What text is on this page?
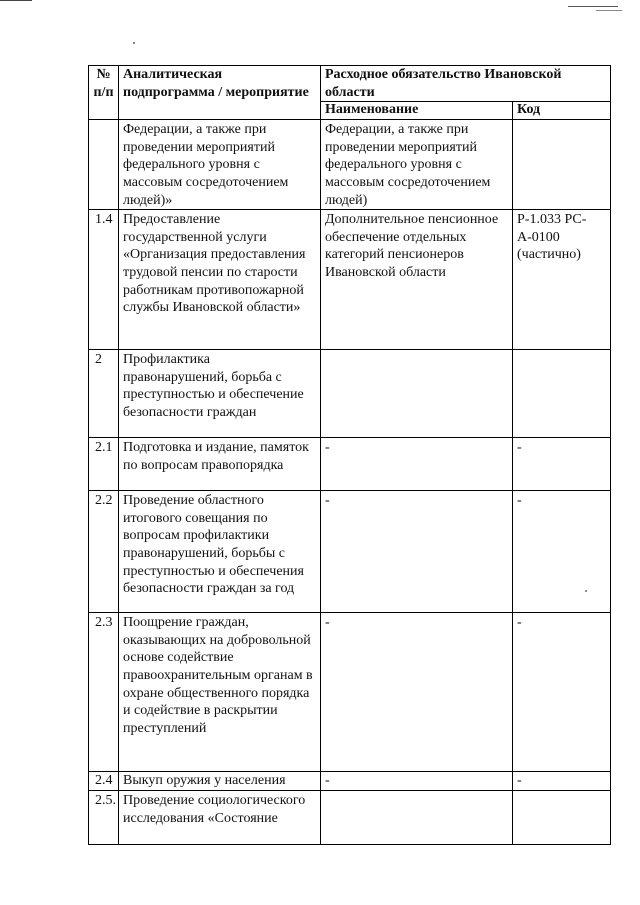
№ п/п	Аналитическая подпрограмма / мероприятие	Расходное обязательство Ивановской области	
		Наименование	Код
	Федерации, а также при проведении мероприятий федерального уровня с массовым сосредоточением людей)»	Федерации, а также при проведении мероприятий федерального уровня с массовым сосредоточением людей)	
1.4	Предоставление государственной услуги «Организация предоставления трудовой пенсии по старости работникам противопожарной службы Ивановской области»	Дополнительное пенсионное обеспечение отдельных категорий пенсионеров Ивановской области	Р-1.033 РС-А-0100 (частично)
2	Профилактика правонарушений, борьба с преступностью и обеспечение безопасности граждан		
2.1	Подготовка и издание, памяток по вопросам правопорядка	-	-
2.2	Проведение областного итогового совещания по вопросам профилактики правонарушений, борьбы с преступностью и обеспечения безопасности граждан за год	-	-
2.3	Поощрение граждан, оказывающих на добровольной основе содействие правоохранительным органам в охране общественного порядка и содействие в раскрытии преступлений	-	-
2.4	Выкуп оружия у населения	-	-
2.5.	Проведение социологического исследования «Состояние		
